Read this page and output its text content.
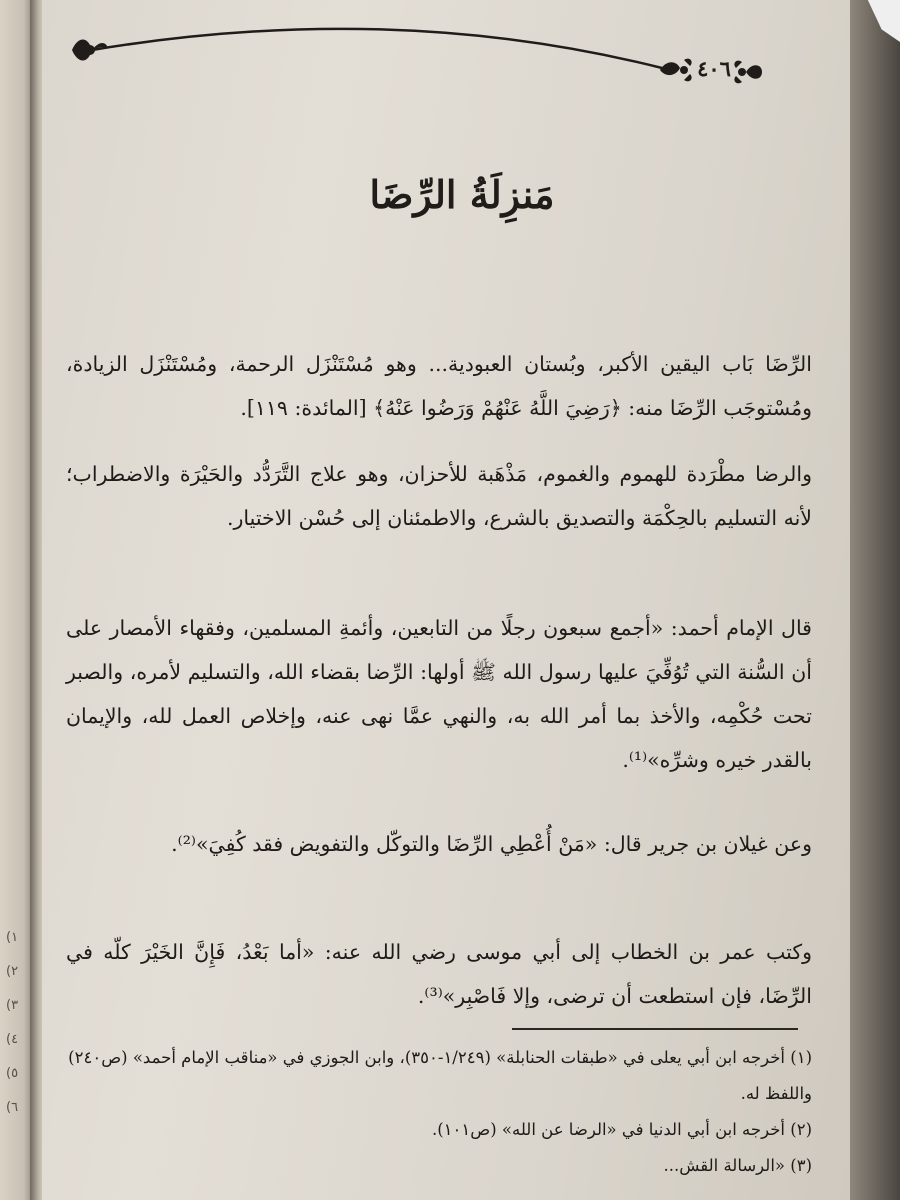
(١
(٢
(٣
(٤
(٥
(٦
٤٠٦
مَنزِلَةُ الرِّضَا

الرِّضَا بَاب اليقين الأكبر، وبُستان العبودية... وهو مُسْتَنْزَل الرحمة، ومُسْتَنْزَل الزيادة، ومُسْتوجَب الرِّضَا منه: ﴿رَضِيَ اللَّهُ عَنْهُمْ وَرَضُوا عَنْهُ﴾ [المائدة: ١١٩].

والرضا مطْرَدة للهموم والغموم، مَذْهَبة للأحزان، وهو علاج التَّرَدُّد والحَيْرَة والاضطراب؛ لأنه التسليم بالحِكْمَة والتصديق بالشرع، والاطمئنان إلى حُسْن الاختيار.

قال الإمام أحمد: «أجمع سبعون رجلًا من التابعين، وأئمةِ المسلمين، وفقهاء الأمصار على أن السُّنة التي تُوُفِّيَ عليها رسول الله ﷺ أولها: الرِّضا بقضاء الله، والتسليم لأمره، والصبر تحت حُكْمِه، والأخذ بما أمر الله به، والنهي عمَّا نهى عنه، وإخلاص العمل لله، والإيمان بالقدر خيره وشرِّه»⁽¹⁾.

وعن غيلان بن جرير قال: «مَنْ أُعْطِي الرِّضَا والتوكّل والتفويض فقد كُفِيَ»⁽²⁾.

وكتب عمر بن الخطاب إلى أبي موسى رضي الله عنه: «أما بَعْدُ، فَإِنَّ الخَيْرَ كلّه في الرِّضَا، فإن استطعت أن ترضى، وإلا فَاصْبِر»⁽³⁾.

(١) أخرجه ابن أبي يعلى في «طبقات الحنابلة» (١/٢٤٩-٣٥٠)، وابن الجوزي في «مناقب الإمام أحمد» (ص٢٤٠) واللفظ له.
(٢) أخرجه ابن أبي الدنيا في «الرضا عن الله» (ص١٠١).
(٣) «الرسالة القش...
